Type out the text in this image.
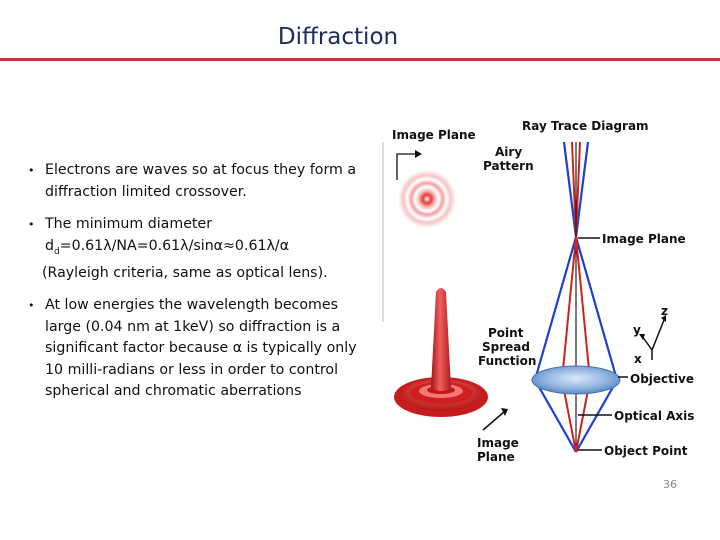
Diffraction
• Electrons are waves so at focus they form a diffraction limited crossover.

• The minimum diameter
$d_d=0.61\lambda/NA=0.61\lambda/\sin\alpha\approx 0.61\lambda/\alpha$
(Rayleigh criteria, same as optical lens).

• At low energies the wavelength becomes large (0.04 nm at 1keV) so diffraction is a significant factor because α is typically only 10 milli-radians or less in order to control spherical and chromatic aberrations

Image Plane
Ray Trace Diagram
Airy
Pattern
Image Plane
z
y
x
Objective
Optical Axis
Object Point
Point
Spread
Function
Image
Plane
36
